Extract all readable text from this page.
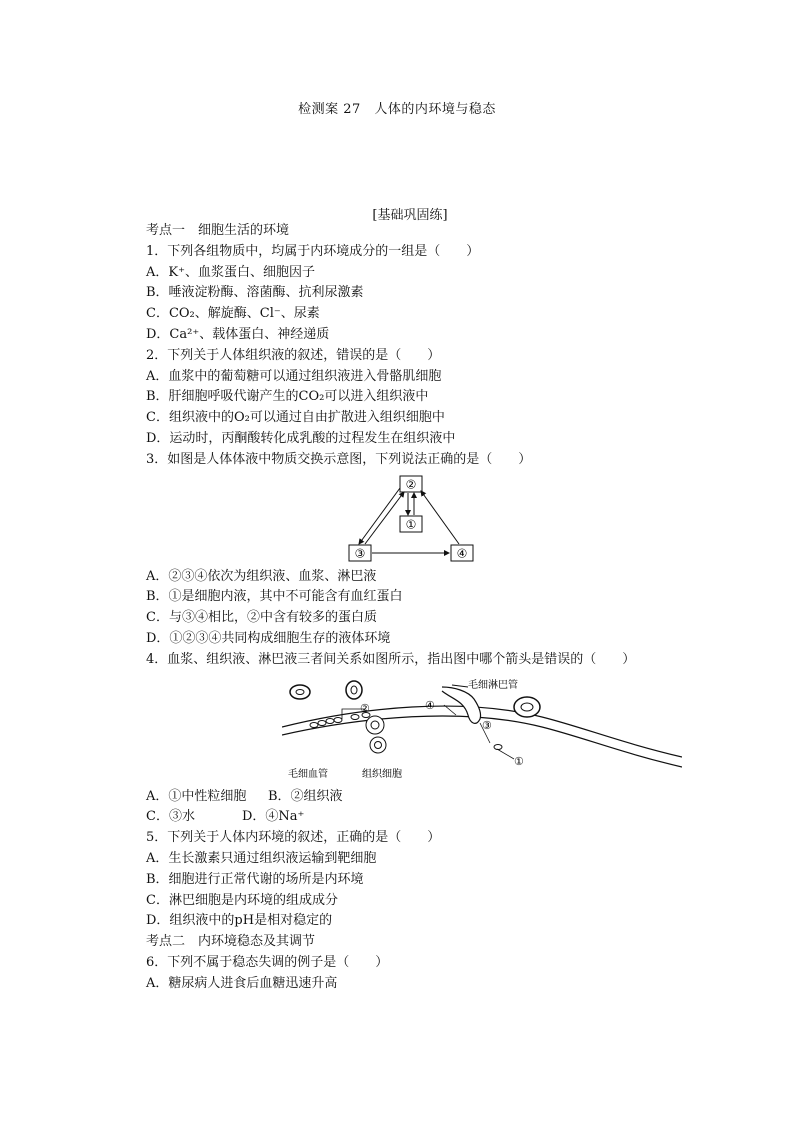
检测案 27　人体的内环境与稳态
[基础巩固练]
考点一　细胞生活的环境
1．下列各组物质中，均属于内环境成分的一组是（　　）
A．K⁺、血浆蛋白、细胞因子
B．唾液淀粉酶、溶菌酶、抗利尿激素
C．CO₂、解旋酶、Cl⁻、尿素
D．Ca²⁺、载体蛋白、神经递质
2．下列关于人体组织液的叙述，错误的是（　　）
A．血浆中的葡萄糖可以通过组织液进入骨骼肌细胞
B．肝细胞呼吸代谢产生的CO₂可以进入组织液中
C．组织液中的O₂可以通过自由扩散进入组织细胞中
D．运动时，丙酮酸转化成乳酸的过程发生在组织液中
3．如图是人体体液中物质交换示意图，下列说法正确的是（　　）
②
①
③	④
A．②③④依次为组织液、血浆、淋巴液
B．①是细胞内液，其中不可能含有血红蛋白
C．与③④相比，②中含有较多的蛋白质
D．①②③④共同构成细胞生存的液体环境
4．血浆、组织液、淋巴液三者间关系如图所示，指出图中哪个箭头是错误的（　　）
毛细淋巴管
毛细血管	组织细胞
②
①
③
④
A．①中性粒细胞 B．②组织液
C．③水	D．④Na⁺
5．下列关于人体内环境的叙述，正确的是（　　）
A．生长激素只通过组织液运输到靶细胞
B．细胞进行正常代谢的场所是内环境
C．淋巴细胞是内环境的组成成分
D．组织液中的pH是相对稳定的
考点二　内环境稳态及其调节
6．下列不属于稳态失调的例子是（　　）
A．糖尿病人进食后血糖迅速升高
